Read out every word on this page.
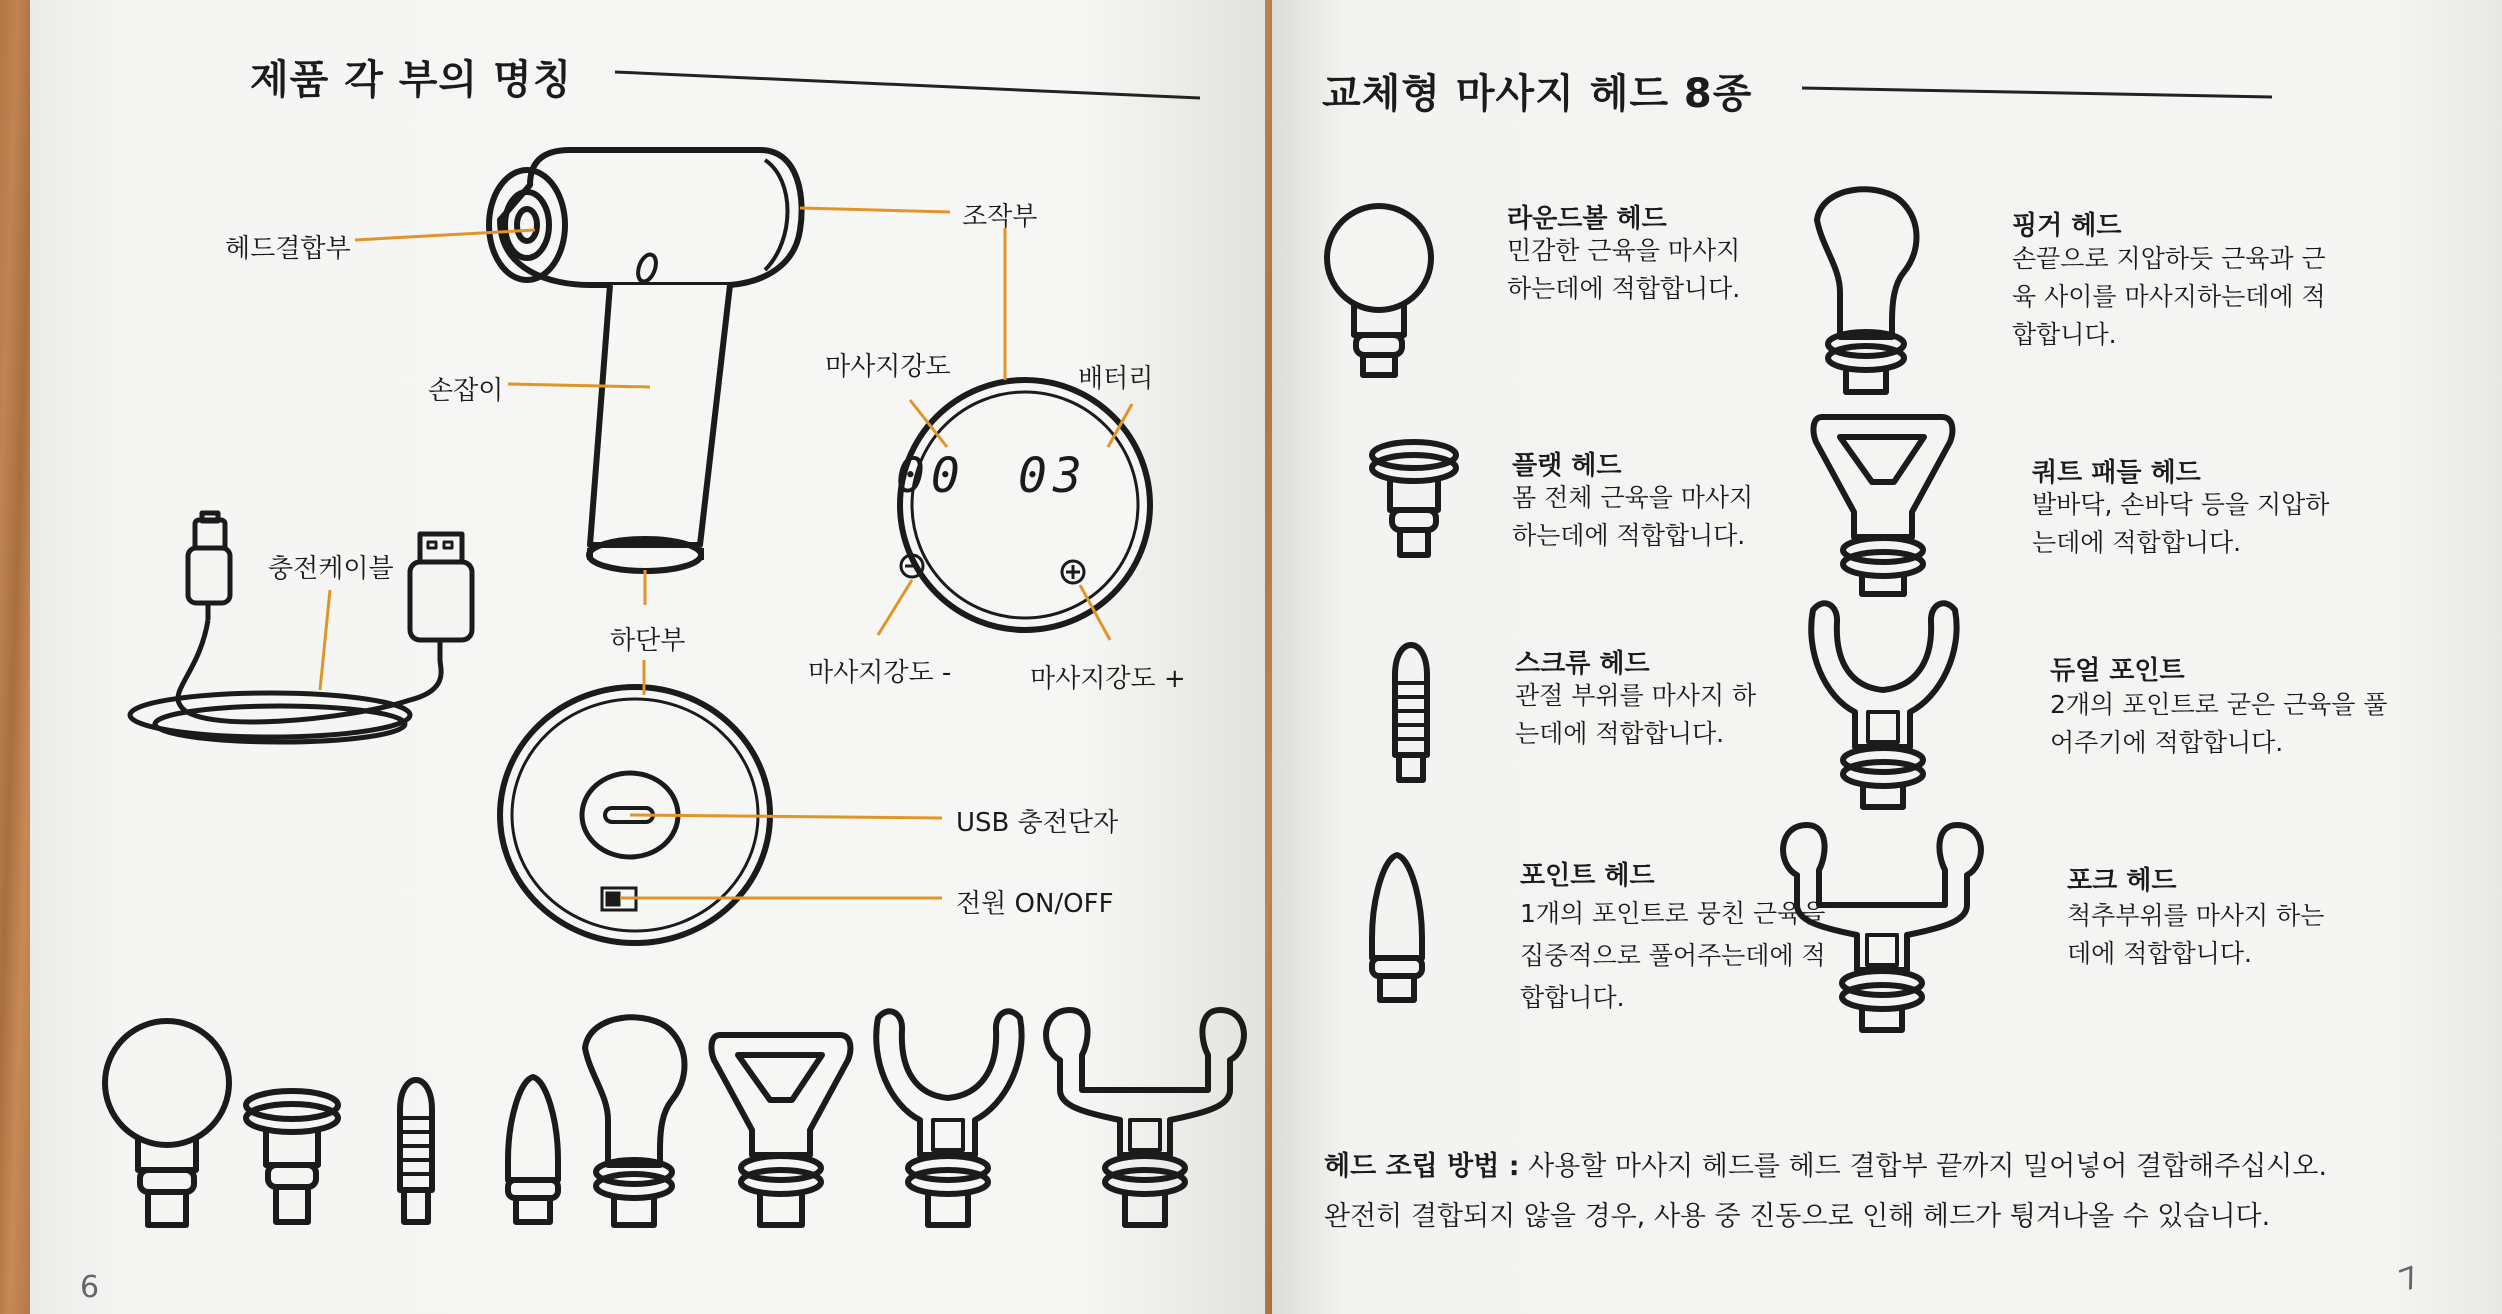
제품 각 부의 명칭
헤드결합부
조작부
손잡이
마사지강도	배터리
00 03
충전케이블
하단부
마사지강도 -	마사지강도 +
USB 충전단자
전원 ON/OFF
6
교체형 마사지 헤드 8종
라운드볼 헤드
민감한 근육을 마사지 하는데에 적합합니다.
플랫 헤드
몸 전체 근육을 마사지 하는데에 적합합니다.
스크류 헤드
관절 부위를 마사지 하는데에 적합합니다.
포인트 헤드
1개의 포인트로 뭉친 근육을 집중적으로 풀어주는데에 적합합니다.
핑거 헤드
손끝으로 지압하듯 근육과 근육 사이를 마사지하는데에 적합합니다.
쿼트 패들 헤드
발바닥, 손바닥 등을 지압하는데에 적합합니다.
듀얼 포인트
2개의 포인트로 굳은 근육을 풀어주기에 적합합니다.
포크 헤드
척추부위를 마사지 하는데에 적합합니다.
헤드 조립 방법 : 사용할 마사지 헤드를 헤드 결합부 끝까지 밀어넣어 결합해주십시오.
완전히 결합되지 않을 경우, 사용 중 진동으로 인해 헤드가 튕겨나올 수 있습니다.
7
